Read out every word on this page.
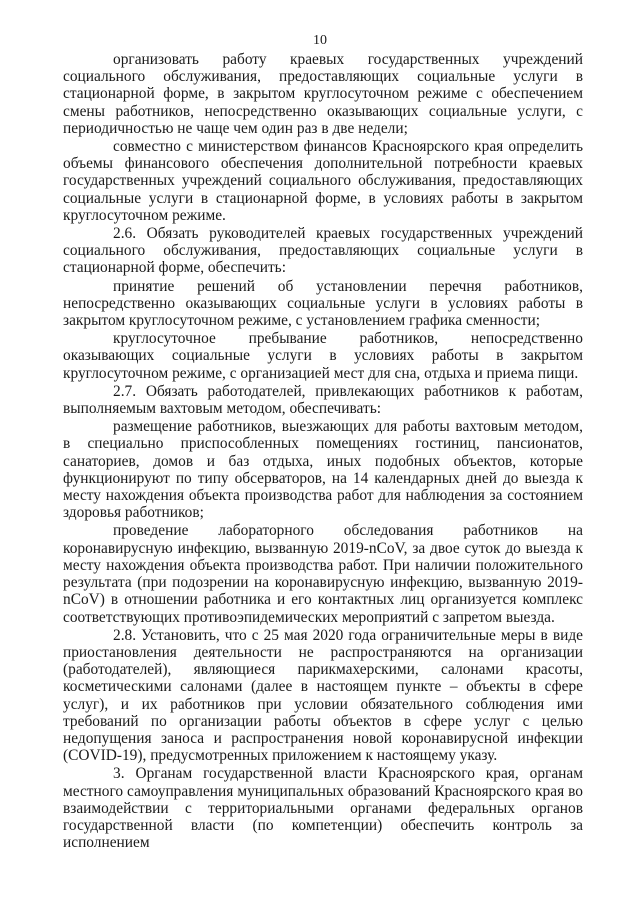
10

организовать работу краевых государственных учреждений социального обслуживания, предоставляющих социальные услуги в стационарной форме, в закрытом круглосуточном режиме с обеспечением смены работников, непосредственно оказывающих социальные услуги, с периодичностью не чаще чем один раз в две недели;

совместно с министерством финансов Красноярского края определить объемы финансового обеспечения дополнительной потребности краевых государственных учреждений социального обслуживания, предоставляющих социальные услуги в стационарной форме, в условиях работы в закрытом круглосуточном режиме.

2.6. Обязать руководителей краевых государственных учреждений социального обслуживания, предоставляющих социальные услуги в стационарной форме, обеспечить:

принятие решений об установлении перечня работников, непосредственно оказывающих социальные услуги в условиях работы в закрытом круглосуточном режиме, с установлением графика сменности;

круглосуточное пребывание работников, непосредственно оказывающих социальные услуги в условиях работы в закрытом круглосуточном режиме, с организацией мест для сна, отдыха и приема пищи.

2.7. Обязать работодателей, привлекающих работников к работам, выполняемым вахтовым методом, обеспечивать:

размещение работников, выезжающих для работы вахтовым методом, в специально приспособленных помещениях гостиниц, пансионатов, санаториев, домов и баз отдыха, иных подобных объектов, которые функционируют по типу обсерваторов, на 14 календарных дней до выезда к месту нахождения объекта производства работ для наблюдения за состоянием здоровья работников;

проведение лабораторного обследования работников на коронавирусную инфекцию, вызванную 2019-nCoV, за двое суток до выезда к месту нахождения объекта производства работ. При наличии положительного результата (при подозрении на коронавирусную инфекцию, вызванную 2019-nCoV) в отношении работника и его контактных лиц организуется комплекс соответствующих противоэпидемических мероприятий с запретом выезда.

2.8. Установить, что с 25 мая 2020 года ограничительные меры в виде приостановления деятельности не распространяются на организации (работодателей), являющиеся парикмахерскими, салонами красоты, косметическими салонами (далее в настоящем пункте – объекты в сфере услуг), и их работников при условии обязательного соблюдения ими требований по организации работы объектов в сфере услуг с целью недопущения заноса и распространения новой коронавирусной инфекции (COVID-19), предусмотренных приложением к настоящему указу.

3. Органам государственной власти Красноярского края, органам местного самоуправления муниципальных образований Красноярского края во взаимодействии с территориальными органами федеральных органов государственной власти (по компетенции) обеспечить контроль за исполнением
